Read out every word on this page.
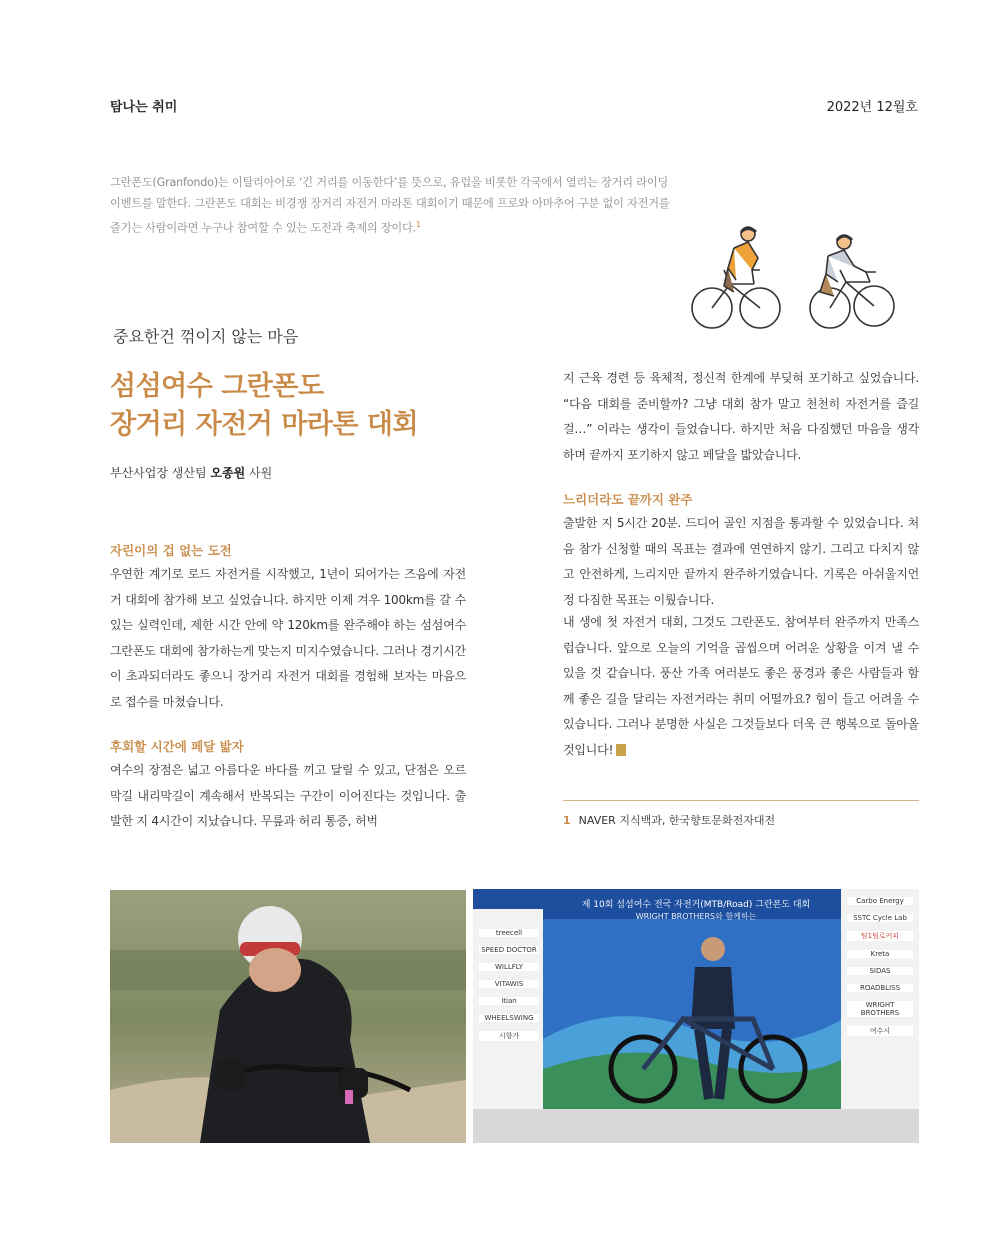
탐나는 취미	2022년 12월호
그란폰도(Granfondo)는 이탈리아어로 ‘긴 거리를 이동한다’를 뜻으로, 유럽을 비롯한 각국에서 열리는 장거리 라이딩 이벤트를 말한다. 그란폰도 대회는 비경쟁 장거리 자전거 마라톤 대회이기 때문에 프로와 아마추어 구분 없이 자전거를 즐기는 사람이라면 누구나 참여할 수 있는 도전과 축제의 장이다.$^1$
중요한건 꺾이지 않는 마음
섬섬여수 그란폰도
장거리 자전거 마라톤 대회
부산사업장 생산팀 오종원 사원
자린이의 겁 없는 도전
우연한 계기로 로드 자전거를 시작했고, 1년이 되어가는 즈음에 자전거 대회에 참가해 보고 싶었습니다. 하지만 이제 겨우 100km를 갈 수 있는 실력인데, 제한 시간 안에 약 120km를 완주해야 하는 섬섬여수 그란폰도 대회에 참가하는게 맞는지 미지수였습니다. 그러나 경기시간이 초과되더라도 좋으니 장거리 자전거 대회를 경험해 보자는 마음으로 접수를 마쳤습니다.
후회할 시간에 페달 밟자
여수의 장점은 넓고 아름다운 바다를 끼고 달릴 수 있고, 단점은 오르막길 내리막길이 계속해서 반복되는 구간이 이어진다는 것입니다. 출발한 지 4시간이 지났습니다. 무릎과 허리 통증, 허벅
지 근육 경련 등 육체적, 정신적 한계에 부딪혀 포기하고 싶었습니다. “다음 대회를 준비할까? 그냥 대회 참가 말고 천천히 자전거를 즐길 걸…” 이라는 생각이 들었습니다. 하지만 처음 다짐했던 마음을 생각하며 끝까지 포기하지 않고 페달을 밟았습니다.
느리더라도 끝까지 완주
출발한 지 5시간 20분. 드디어 골인 지점을 통과할 수 있었습니다. 처음 참가 신청할 때의 목표는 결과에 연연하지 않기. 그리고 다치지 않고 안전하게, 느리지만 끝까지 완주하기였습니다. 기록은 아쉬울지언정 다짐한 목표는 이뤘습니다.
내 생에 첫 자전거 대회, 그것도 그란폰도. 참여부터 완주까지 만족스럽습니다. 앞으로 오늘의 기억을 곱씹으며 어려운 상황을 이겨 낼 수 있을 것 같습니다. 풍산 가족 여러분도 좋은 풍경과 좋은 사람들과 함께 좋은 길을 달리는 자전거라는 취미 어떨까요? 힘이 들고 어려울 수 있습니다. 그러나 분명한 사실은 그것들보다 더욱 큰 행복으로 돌아올 것입니다!
1 NAVER 지식백과, 한국향토문화전자대전
제 10회 섬섬여수 전국 자전거(MTB/Road) 그란폰도 대회
WRIGHT BROTHERS와 함께하는
treecell
SPEED DOCTOR
WILLFLY
VITAWIS
itian
WHEELSWING
시향가
Carbo Energy
SSTC Cycle Lab
팀1팀로커피
Kreta
SIDAS
ROADBLISS
WRIGHT BROTHERS
여수시
